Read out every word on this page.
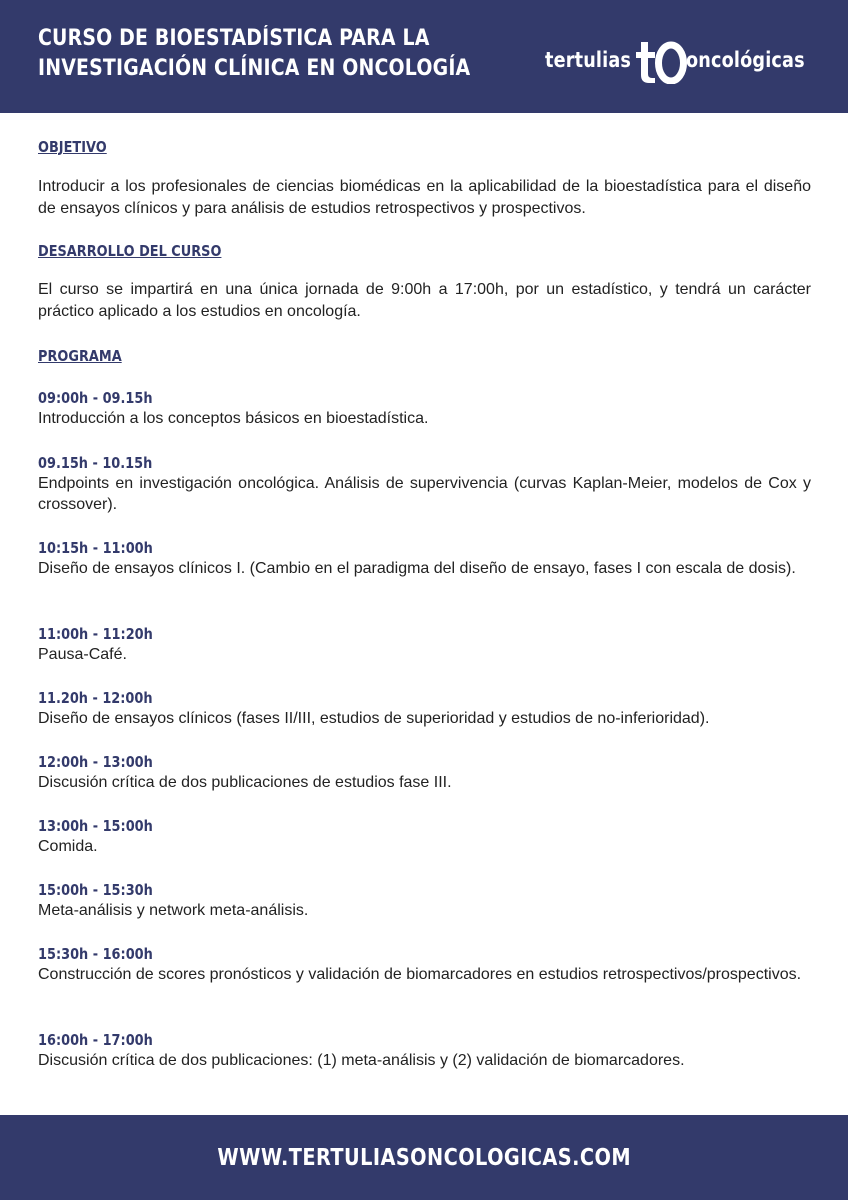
CURSO DE BIOESTADÍSTICA PARA LA
INVESTIGACIÓN CLÍNICA EN ONCOLOGÍA	tertulias	oncológicas
OBJETIVO
Introducir a los profesionales de ciencias biomédicas en la aplicabilidad de la bioestadística para el diseño de ensayos clínicos y para análisis de estudios retrospectivos y prospectivos.
DESARROLLO DEL CURSO
El curso se impartirá en una única jornada de 9:00h a 17:00h, por un estadístico, y tendrá un carácter práctico aplicado a los estudios en oncología.
PROGRAMA
09:00h - 09.15h
Introducción a los conceptos básicos en bioestadística.
09.15h - 10.15h
Endpoints en investigación oncológica. Análisis de supervivencia (curvas Kaplan-Meier, modelos de Cox y crossover).
10:15h - 11:00h
Diseño de ensayos clínicos I. (Cambio en el paradigma del diseño de ensayo, fases I con escala de dosis).
11:00h - 11:20h
Pausa-Café.
11.20h - 12:00h
Diseño de ensayos clínicos (fases II/III, estudios de superioridad y estudios de no-inferioridad).
12:00h - 13:00h
Discusión crítica de dos publicaciones de estudios fase III.
13:00h - 15:00h
Comida.
15:00h - 15:30h
Meta-análisis y network meta-análisis.
15:30h - 16:00h
Construcción de scores pronósticos y validación de biomarcadores en estudios retrospectivos/prospectivos.
16:00h - 17:00h
Discusión crítica de dos publicaciones: (1) meta-análisis y (2) validación de biomarcadores.
WWW.TERTULIASONCOLOGICAS.COM
